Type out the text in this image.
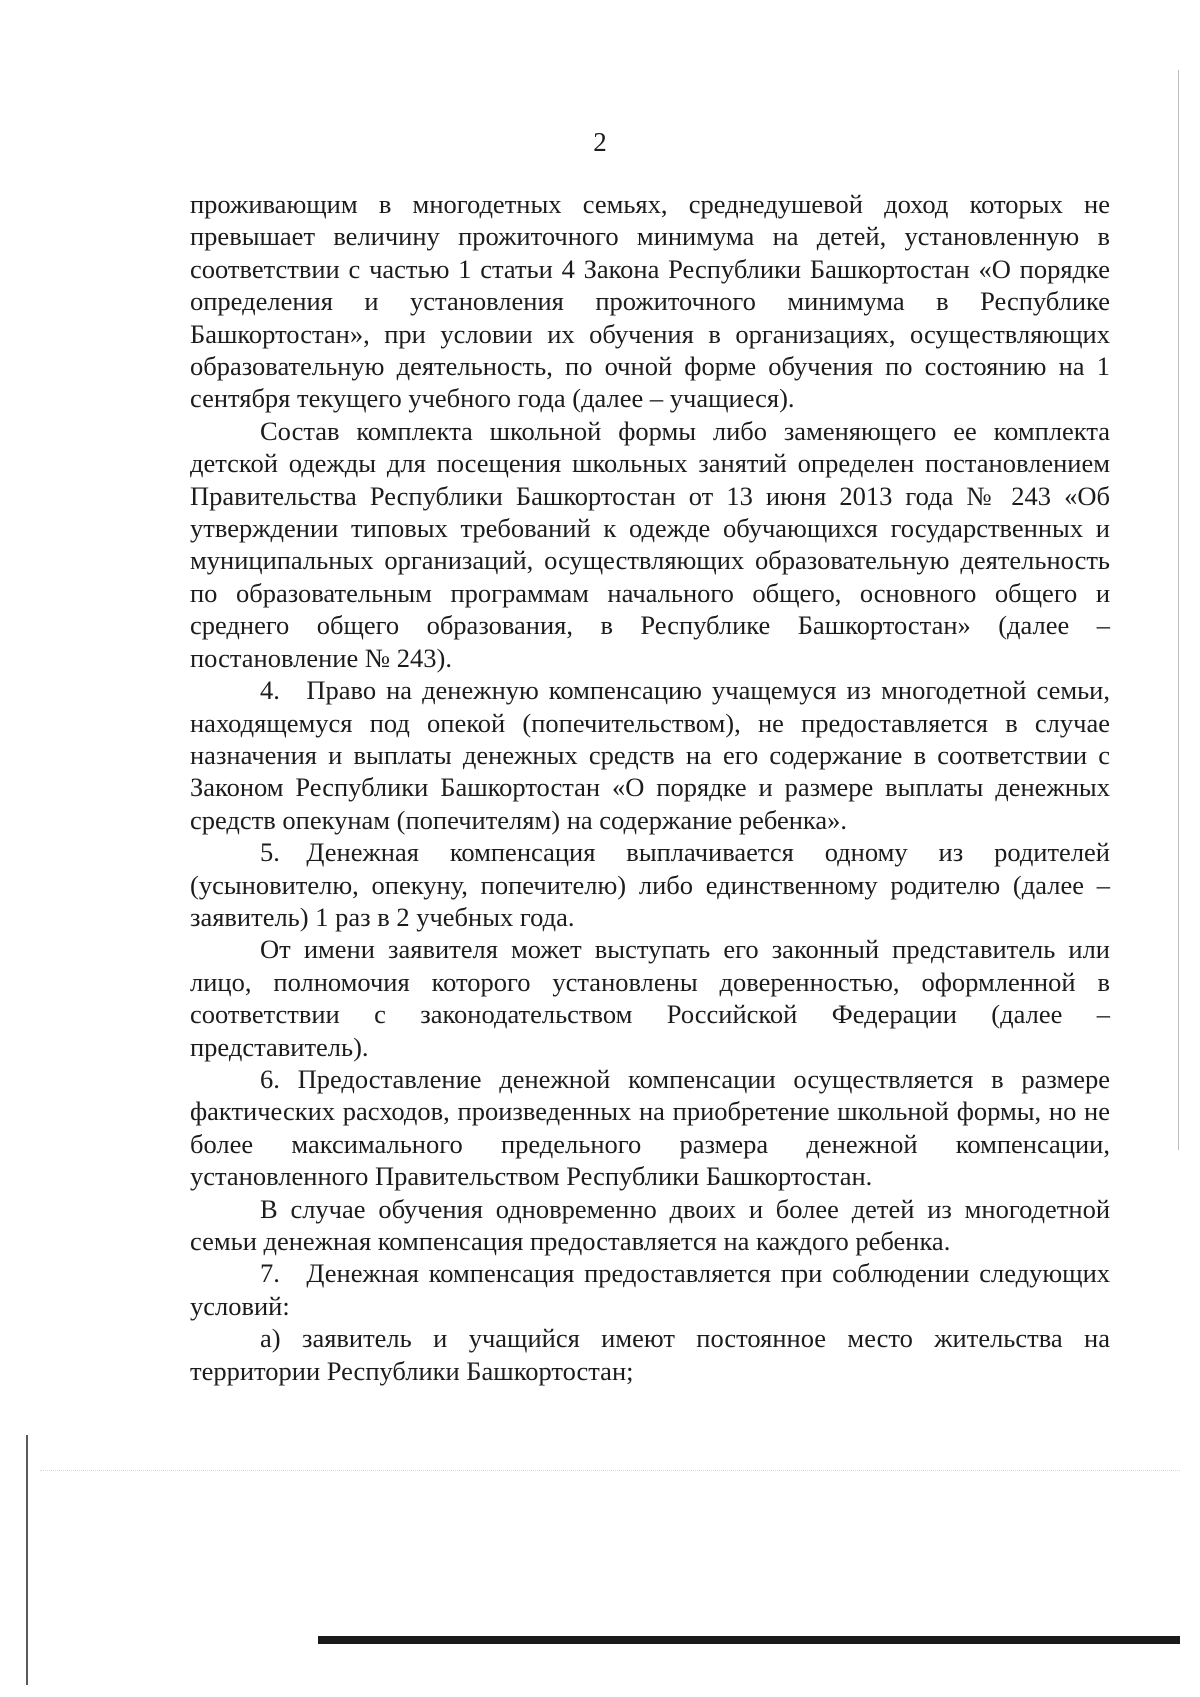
2

проживающим в многодетных семьях, среднедушевой доход которых не превышает величину прожиточного минимума на детей, установленную в соответствии с частью 1 статьи 4 Закона Республики Башкортостан «О порядке определения и установления прожиточного минимума в Республике Башкортостан», при условии их обучения в организациях, осуществляющих образовательную деятельность, по очной форме обучения по состоянию на 1 сентября текущего учебного года (далее – учащиеся).

Состав комплекта школьной формы либо заменяющего ее комплекта детской одежды для посещения школьных занятий определен постановлением Правительства Республики Башкортостан от 13 июня 2013 года № 243 «Об утверждении типовых требований к одежде обучающихся государственных и муниципальных организаций, осуществляющих образовательную деятельность по образовательным программам начального общего, основного общего и среднего общего образования, в Республике Башкортостан» (далее – постановление № 243).

4. Право на денежную компенсацию учащемуся из многодетной семьи, находящемуся под опекой (попечительством), не предоставляется в случае назначения и выплаты денежных средств на его содержание в соответствии с Законом Республики Башкортостан «О порядке и размере выплаты денежных средств опекунам (попечителям) на содержание ребенка».

5. Денежная компенсация выплачивается одному из родителей (усыновителю, опекуну, попечителю) либо единственному родителю (далее – заявитель) 1 раз в 2 учебных года.

От имени заявителя может выступать его законный представитель или лицо, полномочия которого установлены доверенностью, оформленной в соответствии с законодательством Российской Федерации (далее – представитель).

6. Предоставление денежной компенсации осуществляется в размере фактических расходов, произведенных на приобретение школьной формы, но не более максимального предельного размера денежной компенсации, установленного Правительством Республики Башкортостан.

В случае обучения одновременно двоих и более детей из многодетной семьи денежная компенсация предоставляется на каждого ребенка.

7. Денежная компенсация предоставляется при соблюдении следующих условий:

а) заявитель и учащийся имеют постоянное место жительства на территории Республики Башкортостан;
